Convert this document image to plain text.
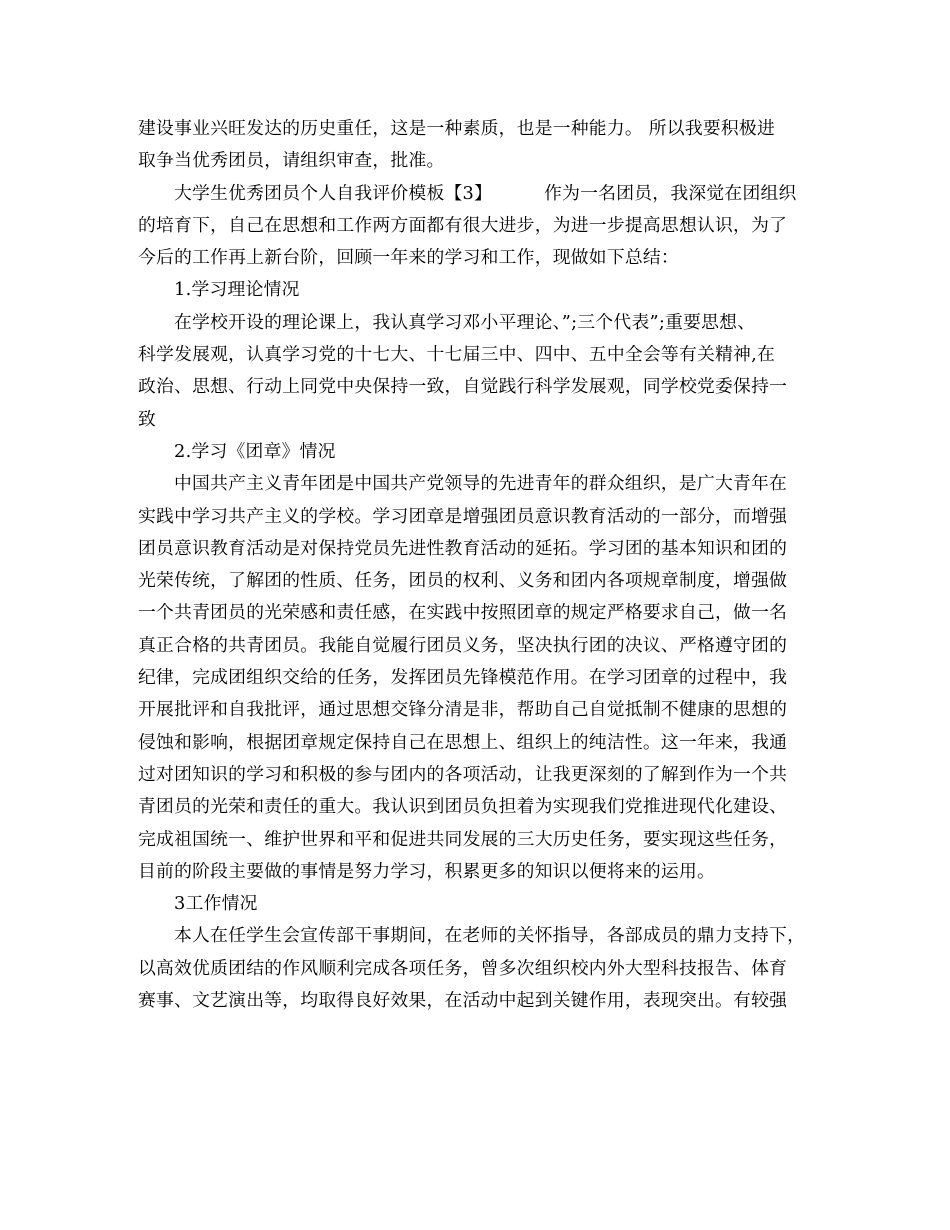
建设事业兴旺发达的历史重任，这是一种素质，也是一种能力。 所以我要积极进
取争当优秀团员，请组织审查，批准。
大学生优秀团员个人自我评价模板【3】	作为一名团员，我深觉在团组织
的培育下，自己在思想和工作两方面都有很大进步，为进一步提高思想认识，为了
今后的工作再上新台阶，回顾一年来的学习和工作，现做如下总结：
1.学习理论情况
在学校开设的理论课上，我认真学习邓小平理论、”;三个代表”;重要思想、
科学发展观，认真学习党的十七大、十七届三中、四中、五中全会等有关精神,在
政治、思想、行动上同党中央保持一致，自觉践行科学发展观，同学校党委保持一
致
2.学习《团章》情况
中国共产主义青年团是中国共产党领导的先进青年的群众组织，是广大青年在
实践中学习共产主义的学校。学习团章是增强团员意识教育活动的一部分，而增强
团员意识教育活动是对保持党员先进性教育活动的延拓。学习团的基本知识和团的
光荣传统，了解团的性质、任务，团员的权利、义务和团内各项规章制度，增强做
一个共青团员的光荣感和责任感，在实践中按照团章的规定严格要求自己，做一名
真正合格的共青团员。我能自觉履行团员义务，坚决执行团的决议、严格遵守团的
纪律，完成团组织交给的任务，发挥团员先锋模范作用。在学习团章的过程中，我
开展批评和自我批评，通过思想交锋分清是非，帮助自己自觉抵制不健康的思想的
侵蚀和影响，根据团章规定保持自己在思想上、组织上的纯洁性。这一年来，我通
过对团知识的学习和积极的参与团内的各项活动，让我更深刻的了解到作为一个共
青团员的光荣和责任的重大。我认识到团员负担着为实现我们党推进现代化建设、
完成祖国统一、维护世界和平和促进共同发展的三大历史任务，要实现这些任务，
目前的阶段主要做的事情是努力学习，积累更多的知识以便将来的运用。
3工作情况
本人在任学生会宣传部干事期间，在老师的关怀指导，各部成员的鼎力支持下，
以高效优质团结的作风顺利完成各项任务，曾多次组织校内外大型科技报告、体育
赛事、文艺演出等，均取得良好效果，在活动中起到关键作用，表现突出。有较强
